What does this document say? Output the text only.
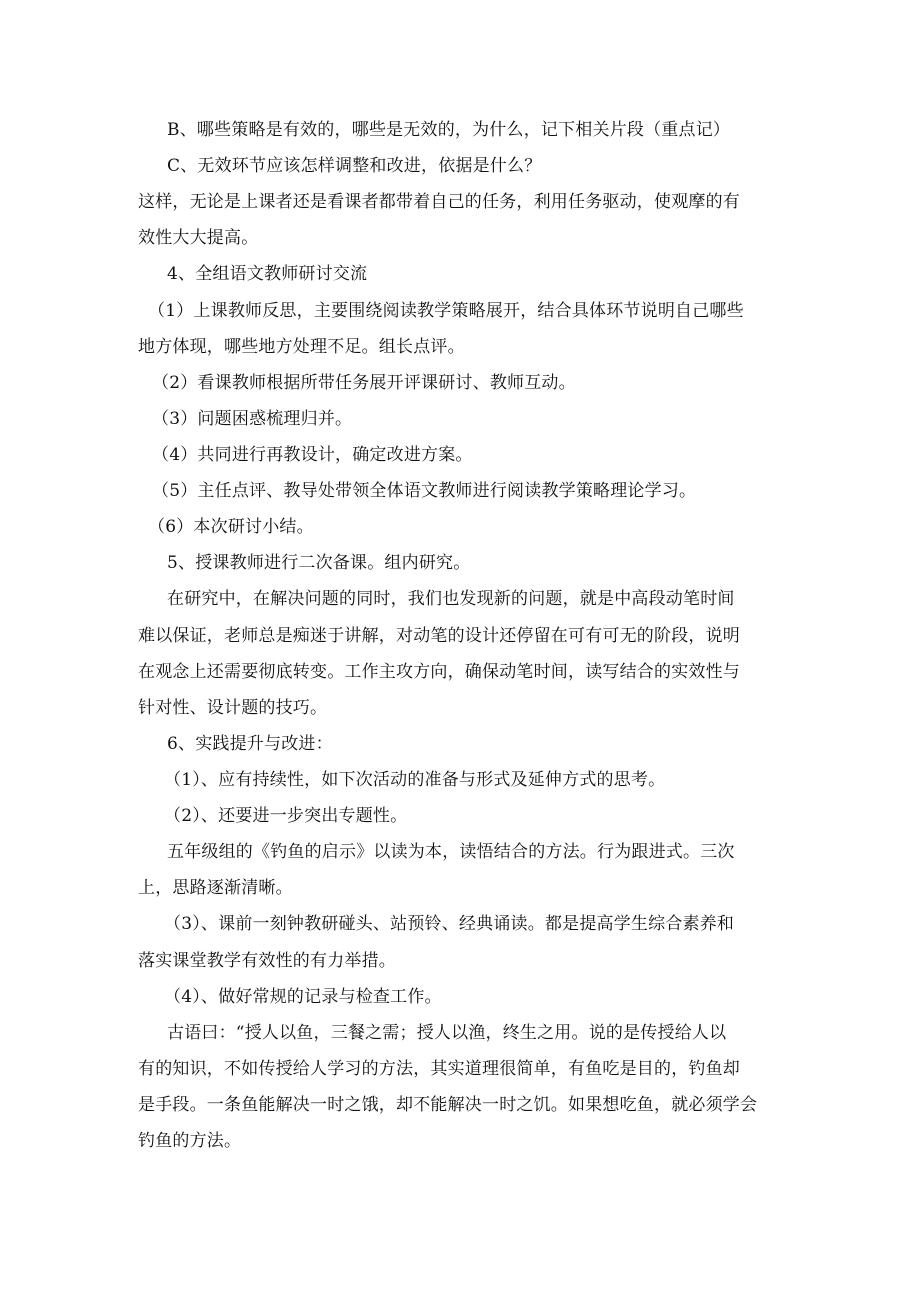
B、哪些策略是有效的，哪些是无效的，为什么，记下相关片段（重点记）
C、无效环节应该怎样调整和改进，依据是什么？
这样，无论是上课者还是看课者都带着自己的任务，利用任务驱动，使观摩的有
效性大大提高。
4、全组语文教师研讨交流
（1）上课教师反思，主要围绕阅读教学策略展开，结合具体环节说明自己哪些
地方体现，哪些地方处理不足。组长点评。
（2）看课教师根据所带任务展开评课研讨、教师互动。
（3）问题困惑梳理归并。
（4）共同进行再教设计，确定改进方案。
（5）主任点评、教导处带领全体语文教师进行阅读教学策略理论学习。
（6）本次研讨小结。
5、授课教师进行二次备课。组内研究。
在研究中，在解决问题的同时，我们也发现新的问题，就是中高段动笔时间
难以保证，老师总是痴迷于讲解，对动笔的设计还停留在可有可无的阶段，说明
在观念上还需要彻底转变。工作主攻方向，确保动笔时间，读写结合的实效性与
针对性、设计题的技巧。
6、实践提升与改进：
（1）、应有持续性，如下次活动的准备与形式及延伸方式的思考。
（2）、还要进一步突出专题性。
五年级组的《钓鱼的启示》以读为本，读悟结合的方法。行为跟进式。三次
上，思路逐渐清晰。
（3）、课前一刻钟教研碰头、站预铃、经典诵读。都是提高学生综合素养和
落实课堂教学有效性的有力举措。
（4）、做好常规的记录与检查工作。
古语曰：“授人以鱼，三餐之需；授人以渔，终生之用。说的是传授给人以
有的知识，不如传授给人学习的方法，其实道理很简单，有鱼吃是目的，钓鱼却
是手段。一条鱼能解决一时之饿，却不能解决一时之饥。如果想吃鱼，就必须学会
钓鱼的方法。
